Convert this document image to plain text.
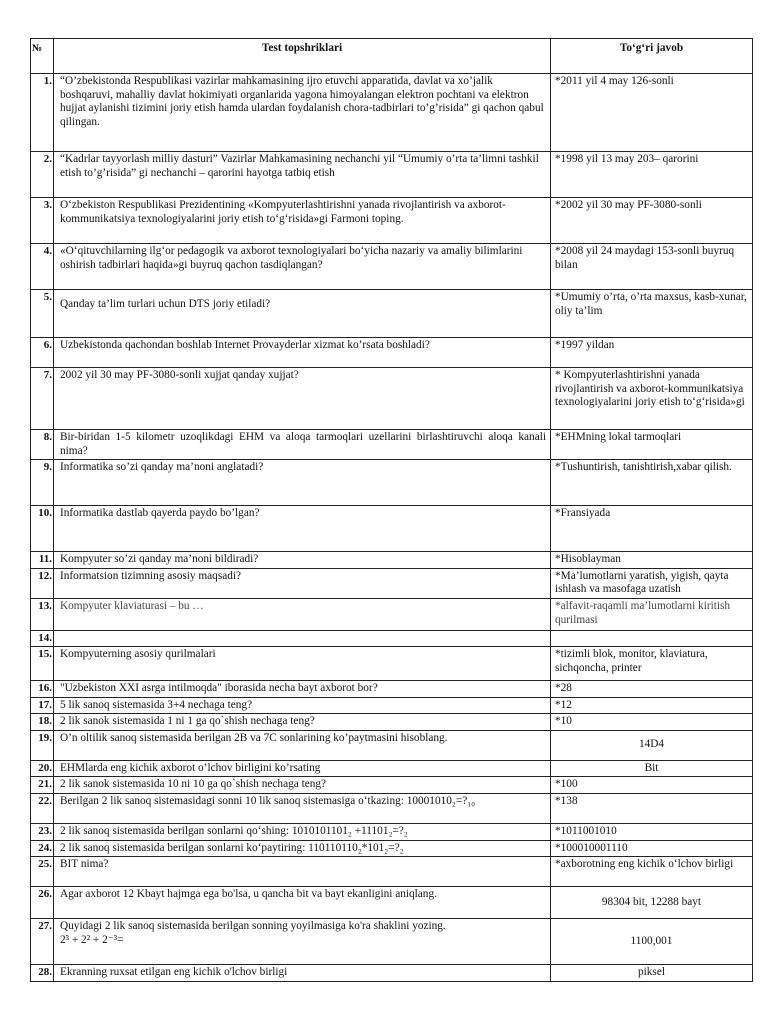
№	Test topshriklari	To‘g‘ri javob
1.	“O’zbekistonda Respublikasi vazirlar mahkamasining ijro etuvchi apparatida, davlat va xo’jalik boshqaruvi, mahalliy davlat hokimiyati organlarida yagona himoyalangan elektron pochtani va elektron hujjat aylanishi tizimini joriy etish hamda ulardan foydalanish chora-tadbirlari to’g’risida” gi qachon qabul qilingan.	*2011 yil 4 may 126-sonli
2.	“Kadrlar tayyorlash milliy dasturi” Vazirlar Mahkamasining nechanchi yil “Umumiy o’rta ta’limni tashkil etish to’g’risida” gi nechanchi – qarorini hayotga tatbiq etish	*1998 yil 13 may 203– qarorini
3.	O‘zbekiston Respublikasi Prezidentining «Kompyuterlashtirishni yanada rivojlantirish va axborot-kommunikatsiya texnologiyalarini joriy etish to‘g‘risida»gi Farmoni toping.	*2002 yil 30 may PF-3080-sonli
4.	«O‘qituvchilarning ilg‘or pedagogik va axborot texnologiyalari bo‘yicha nazariy va amaliy bilimlarini oshirish tadbirlari haqida»gi buyruq qachon tasdiqlangan?	*2008 yil 24 maydagi 153-sonli buyruq bilan
5.	Qanday ta’lim turlari uchun DTS joriy etiladi?	*Umumiy o’rta, o’rta maxsus, kasb-xunar, oliy ta’lim
6.	Uzbekistonda qachondan boshlab Internet Provayderlar xizmat ko’rsata boshladi?	*1997 yildan
7.	2002 yil 30 may PF-3080-sonli xujjat qanday xujjat?	* Kompyuterlashtirishni yanada rivojlantirish va axborot-kommunikatsiya texnologiyalarini joriy etish to‘g‘risida»gi
8.	Bir-biridan 1-5 kilometr uzoqlikdagi EHM va aloqa tarmoqlari uzellarini birlashtiruvchi aloqa kanali nima?	*EHMning lokal tarmoqlari
9.	Informatika so’zi qanday ma’noni anglatadi?	*Tushuntirish, tanishtirish,xabar qilish.
10.	Informatika dastlab qayerda paydo bo’lgan?	*Fransiyada
11.	Kompyuter so’zi qanday ma’noni bildiradi?	*Hisoblayman
12.	Informatsion tizimning asosiy maqsadi?	*Ma’lumotlarni yaratish, yigish, qayta ishlash va masofaga uzatish
13.	Kompyuter klaviaturasi – bu …	*alfavit-raqamli ma’lumotlarni kiritish qurilmasi
14.		
15.	Kompyuterning asosiy qurilmalari	*tizimli blok, monitor, klaviatura, sichqoncha, printer
16.	"Uzbekiston XXI asrga intilmoqda" iborasida necha bayt axborot bor?	*28
17.	5 lik sanoq sistemasida 3+4 nechaga teng?	*12
18.	2 lik sanok sistemasida 1 ni 1 ga qo`shish nechaga teng?	*10
19.	O’n oltilik sanoq sistemasida berilgan 2B va 7C sonlarining ko’paytmasini hisoblang.	14D4
20.	EHMlarda eng kichik axborot o’lchov birligini ko’rsating	Bit
21.	2 lik sanok sistemasida 10 ni 10 ga qo`shish nechaga teng?	*100
22.	Berilgan 2 lik sanoq sistemasidagi sonni 10 lik sanoq sistemasiga o‘tkazing: 10001010₂=?₁₀	*138
23.	2 lik sanoq sistemasida berilgan sonlarni qo‘shing: 1010101101₂ +11101₂=?₂	*1011001010
24.	2 lik sanoq sistemasida berilgan sonlarni ko‘paytiring: 110110110₂*101₂=?₂	*100010001110
25.	BIT nima?	*axborotning eng kichik o‘lchov birligi
26.	Agar axborot 12 Kbayt hajmga ega bo'lsa, u qancha bit va bayt ekanligini aniqlang.	98304 bit, 12288 bayt
27.	Quyidagi 2 lik sanoq sistemasida berilgan sonning yoyilmasiga ko'ra shaklini yozing.
2³ + 2² + 2⁻³=	1100,001
28.	Ekranning ruxsat etilgan eng kichik o'lchov birligi	piksel
